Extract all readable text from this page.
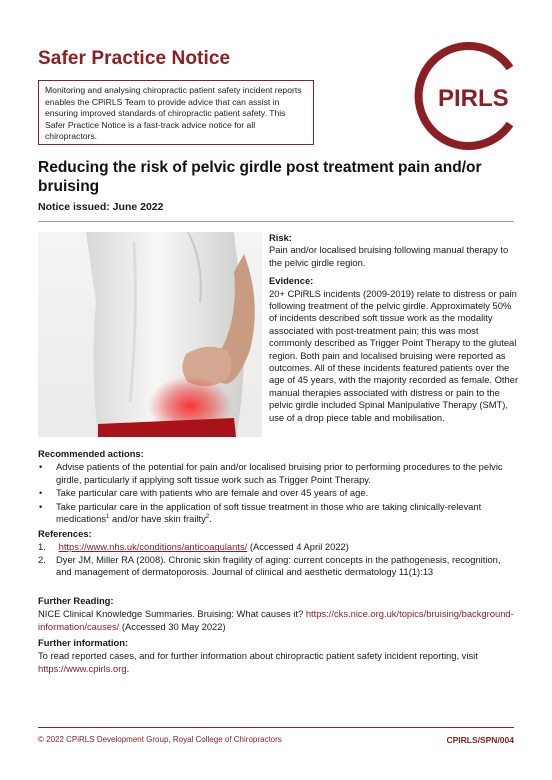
Safer Practice Notice
Monitoring and analysing chiropractic patient safety incident reports enables the CPiRLS Team to provide advice that can assist in ensuring improved standards of chiropractic patient safety. This Safer Practice Notice is a fast-track advice notice for all chiropractors.
PIRLS
Reducing the risk of pelvic girdle post treatment pain and/or bruising
Notice issued: June 2022

Risk:

Pain and/or localised bruising following manual therapy to the pelvic girdle region.

Evidence:

20+ CPiRLS incidents (2009-2019) relate to distress or pain following treatment of the pelvic girdle. Approximately 50% of incidents described soft tissue work as the modality associated with post-treatment pain; this was most commonly described as Trigger Point Therapy to the gluteal region. Both pain and localised bruising were reported as outcomes. All of these incidents featured patients over the age of 45 years, with the majority recorded as female. Other manual therapies associated with distress or pain to the pelvic girdle included Spinal Manipulative Therapy (SMT), use of a drop piece table and mobilisation.

Recommended actions:

• Advise patients of the potential for pain and/or localised bruising prior to performing procedures to the pelvic girdle, particularly if applying soft tissue work such as Trigger Point Therapy.
• Take particular care with patients who are female and over 45 years of age.
• Take particular care in the application of soft tissue treatment in those who are taking clinically-relevant medications$^1$ and/or have skin frailty$^2$.

References:

1. https://www.nhs.uk/conditions/anticoagulants/ (Accessed 4 April 2022)
2. Dyer JM, Miller RA (2008). Chronic skin fragility of aging: current concepts in the pathogenesis, recognition, and management of dermatoporosis. Journal of clinical and aesthetic dermatology 11(1):13

Further Reading:

NICE Clinical Knowledge Summaries. Bruising: What causes it? https://cks.nice.org.uk/topics/bruising/background-information/causes/ (Accessed 30 May 2022)

Further information:

To read reported cases, and for further information about chiropractic patient safety incident reporting, visit https://www.cpirls.org.
© 2022 CPiRLS Development Group, Royal College of Chiropractors	CPIRLS/SPN/004
